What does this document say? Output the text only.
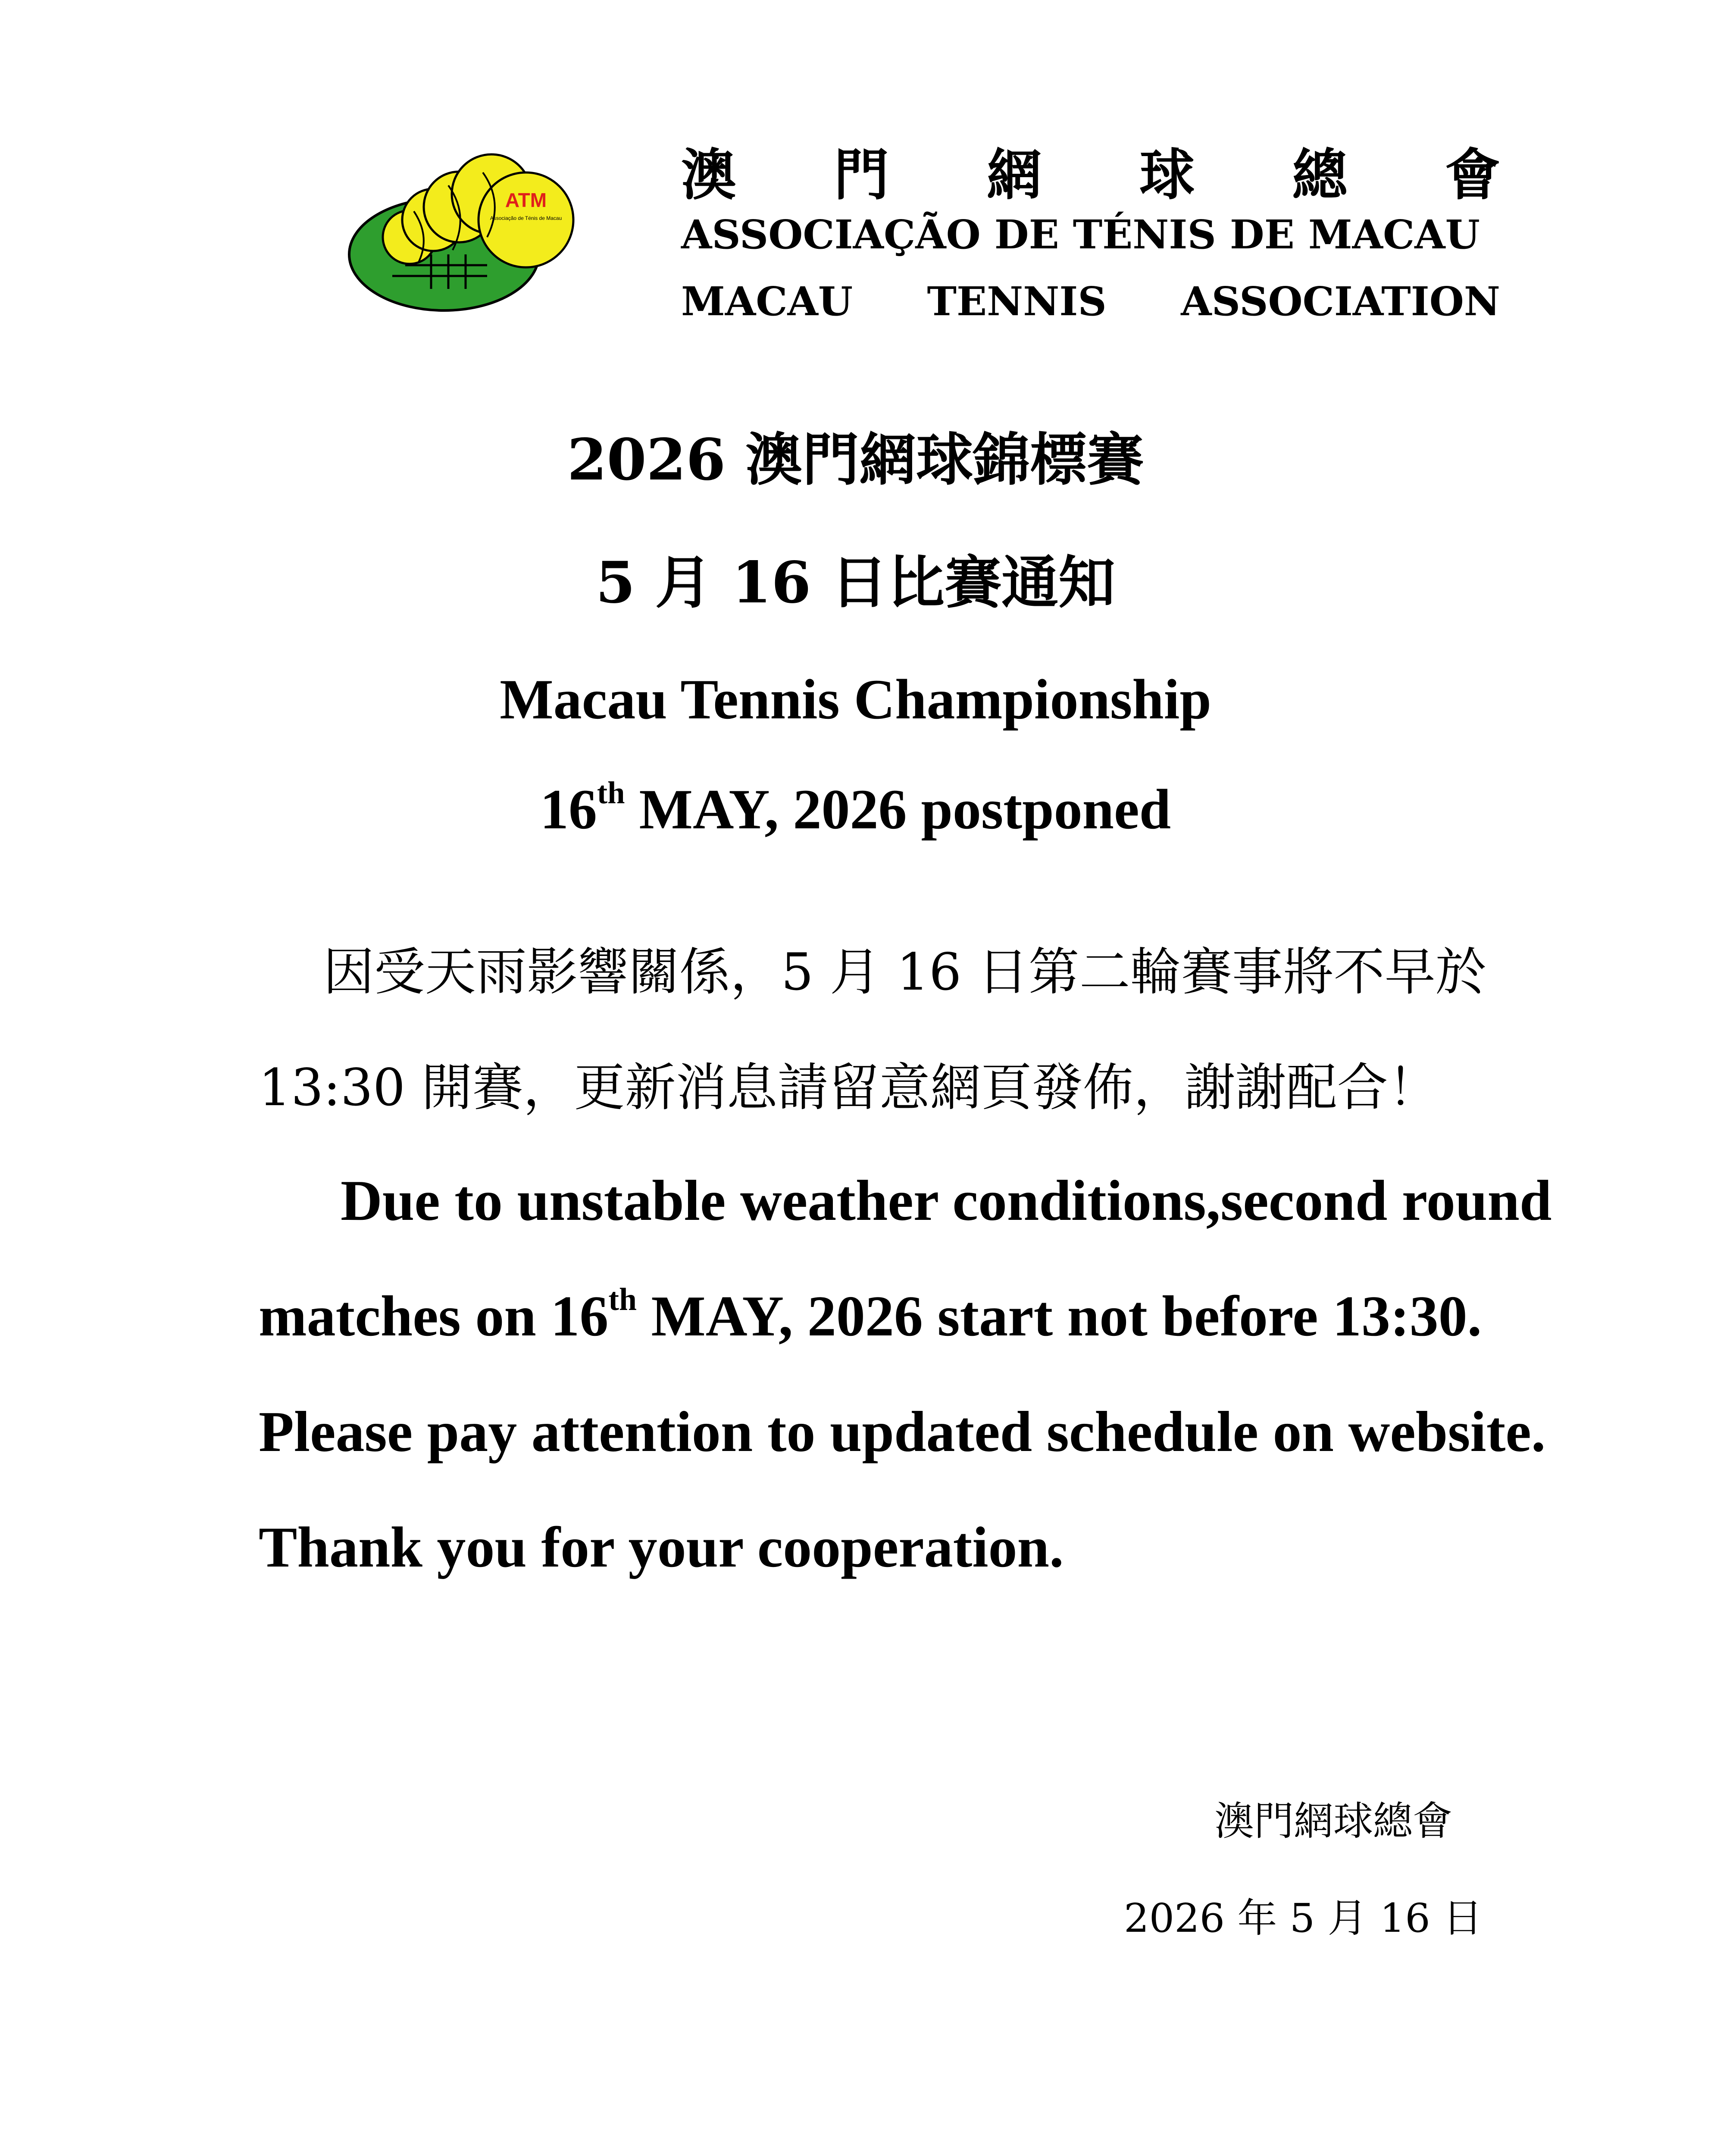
ATM
Associação de Ténis de Macau
澳 門 網 球 總 會
ASSOCIAÇÃO DE TÉNIS DE MACAU
MACAU TENNIS ASSOCIATION
2026 澳門網球錦標賽
5 月 16 日比賽通知
Macau Tennis Championship
16th MAY, 2026 postponed
因受天雨影響關係，5 月 16 日第二輪賽事將不早於 13:30 開賽，更新消息請留意網頁發佈，謝謝配合！
Due to unstable weather conditions,second round matches on 16th MAY, 2026 start not before 13:30. Please pay attention to updated schedule on website. Thank you for your cooperation.
澳門網球總會
2026 年 5 月 16 日
